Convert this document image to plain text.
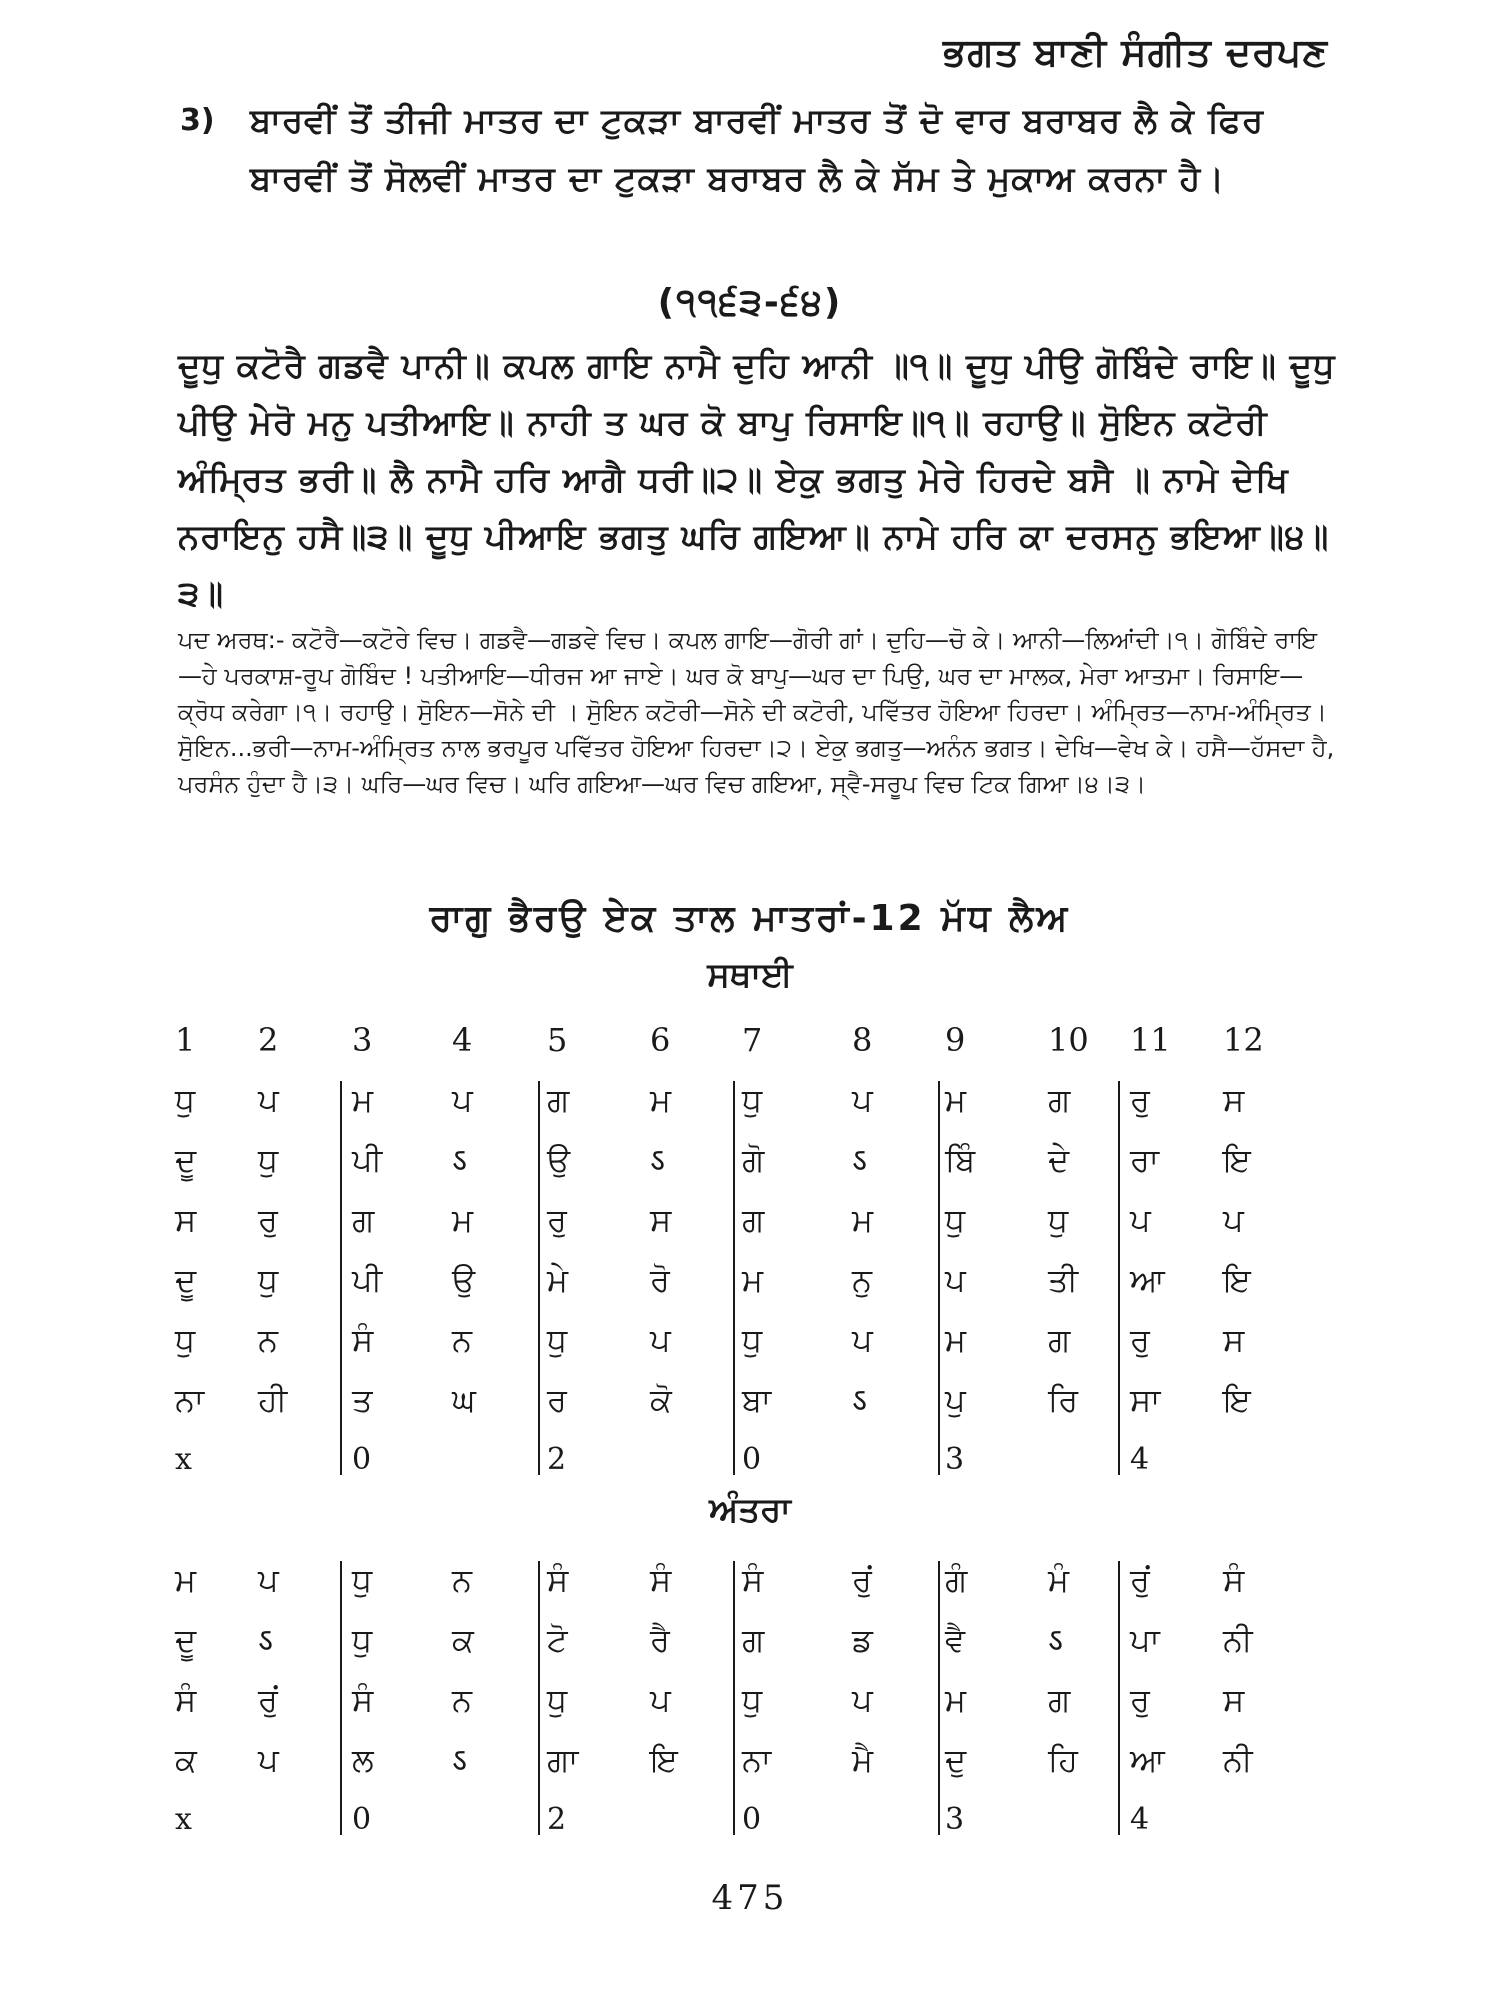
ਭਗਤ ਬਾਣੀ ਸੰਗੀਤ ਦਰਪਣ
3)	ਬਾਰਵੀਂ ਤੋਂ ਤੀਜੀ ਮਾਤਰ ਦਾ ਟੁਕੜਾ ਬਾਰਵੀਂ ਮਾਤਰ ਤੋਂ ਦੋ ਵਾਰ ਬਰਾਬਰ ਲੈ ਕੇ ਫਿਰ ਬਾਰਵੀਂ ਤੋਂ ਸੋਲਵੀਂ ਮਾਤਰ ਦਾ ਟੁਕੜਾ ਬਰਾਬਰ ਲੈ ਕੇ ਸੱਮ ਤੇ ਮੁਕਾਅ ਕਰਨਾ ਹੈ।
(੧੧੬੩-੬੪)
ਦੂਧੁ ਕਟੋਰੈ ਗਡਵੈ ਪਾਨੀ॥ ਕਪਲ ਗਾਇ ਨਾਮੈ ਦੁਹਿ ਆਨੀ ॥੧॥ ਦੂਧੁ ਪੀਉ ਗੋਬਿੰਦੇ ਰਾਇ॥ ਦੂਧੁ ਪੀਉ ਮੇਰੋ ਮਨੁ ਪਤੀਆਇ॥ ਨਾਹੀ ਤ ਘਰ ਕੋ ਬਾਪੁ ਰਿਸਾਇ॥੧॥ ਰਹਾਉ॥ ਸੋੁਇਨ ਕਟੋਰੀ ਅੰਮ੍ਰਿਤ ਭਰੀ॥ ਲੈ ਨਾਮੈ ਹਰਿ ਆਗੈ ਧਰੀ॥੨॥ ਏਕੁ ਭਗਤੁ ਮੇਰੇ ਹਿਰਦੇ ਬਸੈ ॥ ਨਾਮੇ ਦੇਖਿ ਨਰਾਇਨੁ ਹਸੈ॥੩॥ ਦੂਧੁ ਪੀਆਇ ਭਗਤੁ ਘਰਿ ਗਇਆ॥ ਨਾਮੇ ਹਰਿ ਕਾ ਦਰਸਨੁ ਭਇਆ॥੪॥੩॥
ਪਦ ਅਰਥ:- ਕਟੋਰੈ—ਕਟੋਰੇ ਵਿਚ। ਗਡਵੈ—ਗਡਵੇ ਵਿਚ। ਕਪਲ ਗਾਇ—ਗੋਰੀ ਗਾਂ। ਦੁਹਿ—ਚੋ ਕੇ। ਆਨੀ—ਲਿਆਂਦੀ।੧। ਗੋਬਿੰਦੇ ਰਾਇ—ਹੇ ਪਰਕਾਸ਼-ਰੂਪ ਗੋਬਿੰਦ ! ਪਤੀਆਇ—ਧੀਰਜ ਆ ਜਾਏ। ਘਰ ਕੋ ਬਾਪੁ—ਘਰ ਦਾ ਪਿਉ, ਘਰ ਦਾ ਮਾਲਕ, ਮੇਰਾ ਆਤਮਾ। ਰਿਸਾਇ—ਕ੍ਰੋਧ ਕਰੇਗਾ।੧। ਰਹਾਉ। ਸੋੁਇਨ—ਸੋਨੇ ਦੀ । ਸੋੁਇਨ ਕਟੋਰੀ—ਸੋਨੇ ਦੀ ਕਟੋਰੀ, ਪਵਿੱਤਰ ਹੋਇਆ ਹਿਰਦਾ। ਅੰਮ੍ਰਿਤ—ਨਾਮ-ਅੰਮ੍ਰਿਤ। ਸੋੁਇਨ...ਭਰੀ—ਨਾਮ-ਅੰਮ੍ਰਿਤ ਨਾਲ ਭਰਪੂਰ ਪਵਿੱਤਰ ਹੋਇਆ ਹਿਰਦਾ।੨। ਏਕੁ ਭਗਤੁ—ਅਨੰਨ ਭਗਤ। ਦੇਖਿ—ਵੇਖ ਕੇ। ਹਸੈ—ਹੱਸਦਾ ਹੈ, ਪਰਸੰਨ ਹੁੰਦਾ ਹੈ।੩। ਘਰਿ—ਘਰ ਵਿਚ। ਘਰਿ ਗਇਆ—ਘਰ ਵਿਚ ਗਇਆ, ਸ੍ਵੈ-ਸਰੂਪ ਵਿਚ ਟਿਕ ਗਿਆ।੪।੩।
ਰਾਗੁ ਭੈਰਉ ਏਕ ਤਾਲ ਮਾਤਰਾਂ-12 ਮੱਧ ਲੈਅ
1 2 3 4 5	6 7	8 9	10 11 12
ਸਥਾਈ
ਧੁ ਪ ਮ ਪ ਗ	ਮ ਧੁ	ਪ ਮ	ਗ ਰੁ ਸ
ਦੂ ਧੁ ਪੀ ऽ	ਉ ऽ ਗੋ	ऽ ਬਿੰ ਦੇ ਰਾ ਇ
ਸ ਰੁ ਗ ਮ ਰੁ	ਸ ਗ	ਮ ਧੁ	ਧੁ ਪ ਪ
ਦੂ ਧੁ ਪੀ ਉ ਮੇ	ਰੋ ਮ	ਨੁ ਪ	ਤੀ ਆ ਇ
ਧੁ ਨ ਸੰ ਨ ਧੁ	ਪ ਧੁ	ਪ ਮ	ਗ ਰੁ ਸ
ਨਾ ਹੀ ਤ ਘ ਰ	ਕੋ ਬਾ	ऽ ਪੁ	ਰਿ ਸਾ ਇ
x	0	2	0	3	4
ਅੰਤਰਾ
ਮ ਪ ਧੁ ਨ ਸੰ	ਸੰ ਸੰ	ਰੁਂ ਗੰ	ਮੰ ਰੁਂ ਸੰ
ਦੂ ऽ ਧੁ ਕ ਟੋ	ਰੈ ਗ	ਡ ਵੈ	ऽ ਪਾ ਨੀ
ਸੰ ਰੁਂ ਸੰ ਨ ਧੁ	ਪ ਧੁ	ਪ ਮ	ਗ ਰੁ ਸ
ਕ ਪ ਲ ऽ	ਗਾ ਇ ਨਾ	ਮੈ ਦੁ	ਹਿ ਆ ਨੀ
x	0	2	0	3	4
475
